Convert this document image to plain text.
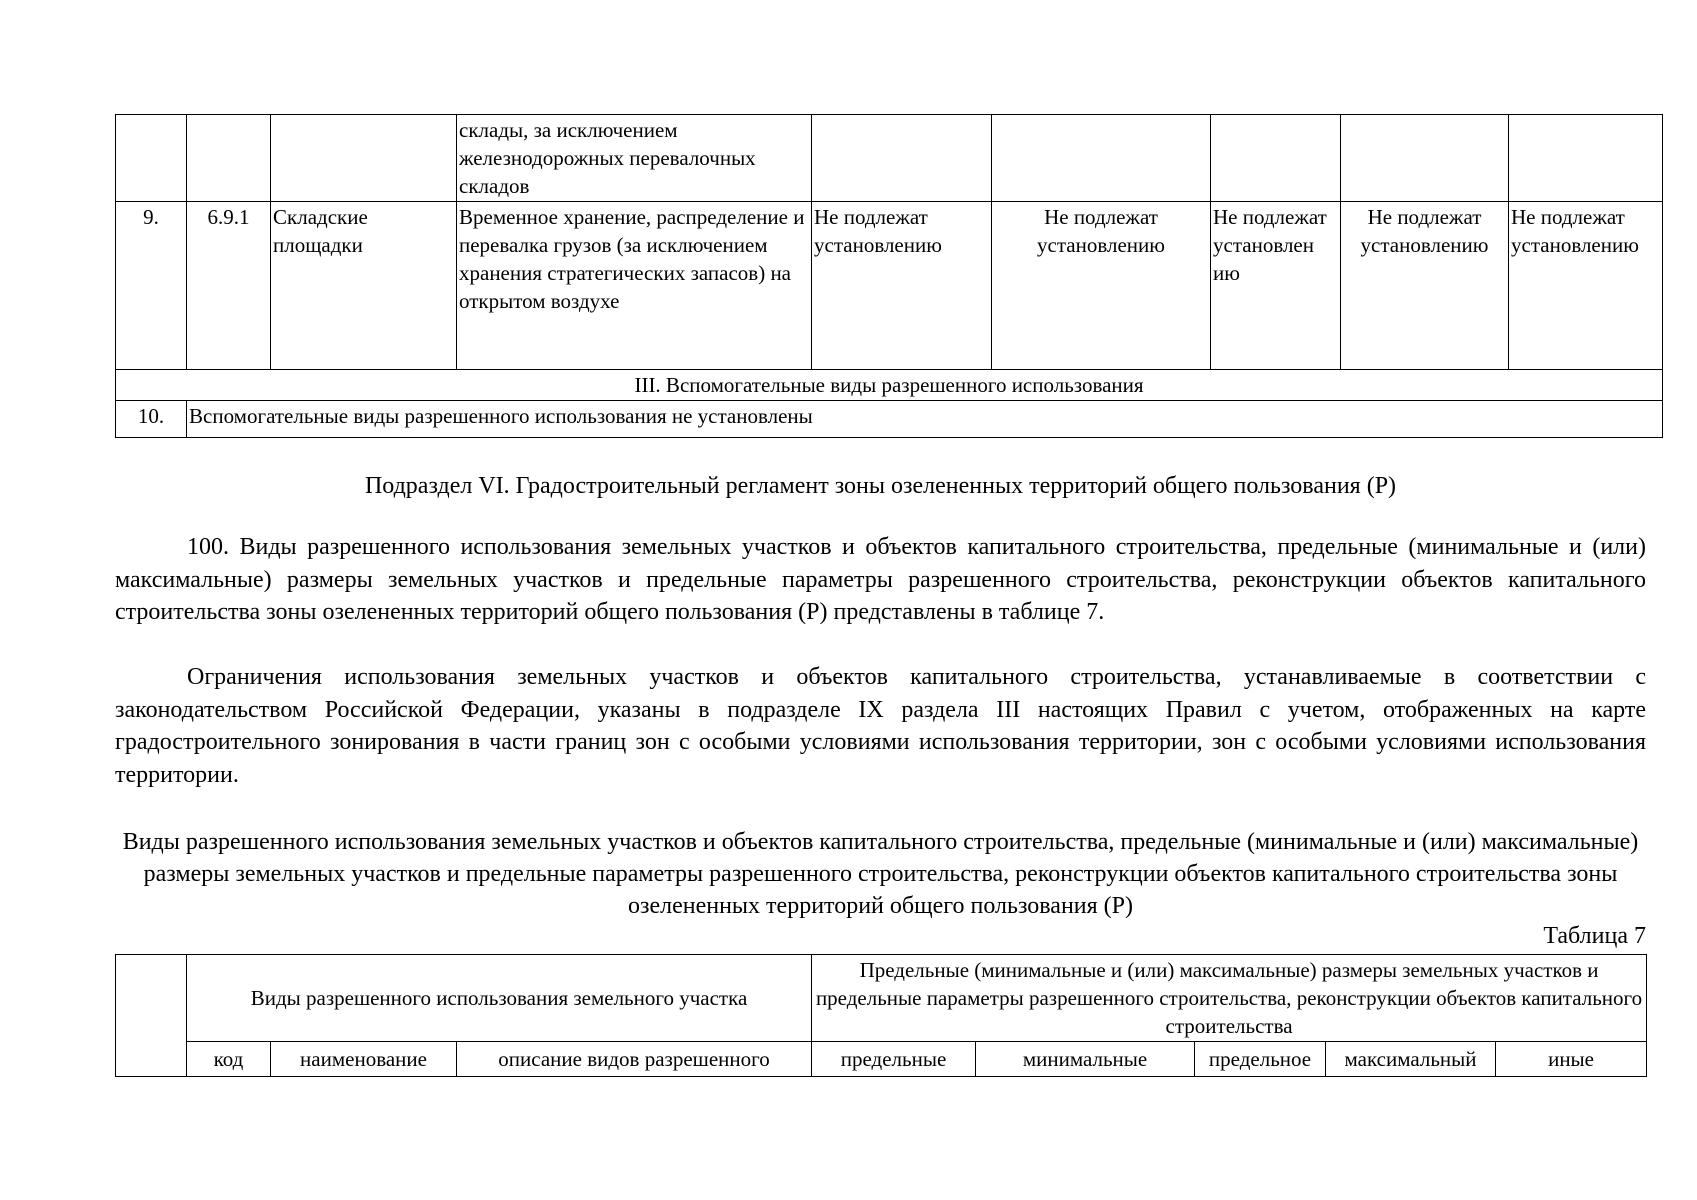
			склады, за исключением железнодорожных перевалочных складов					
9.	6.9.1	Складские площадки	Временное хранение, распределение и перевалка грузов (за исключением хранения стратегических запасов) на открытом воздухе	Не подлежат установлению	Не подлежат установлению	Не подлежат установлен ию	Не подлежат установлению	Не подлежат установлению
III. Вспомогательные виды разрешенного использования								
10.	Вспомогательные виды разрешенного использования не установлены							
Подраздел VI. Градостроительный регламент зоны озелененных территорий общего пользования (Р)
100. Виды разрешенного использования земельных участков и объектов капитального строительства, предельные (минимальные и (или) максимальные) размеры земельных участков и предельные параметры разрешенного строительства, реконструкции объектов капитального строительства зоны озелененных территорий общего пользования (Р) представлены в таблице 7.
Ограничения использования земельных участков и объектов капитального строительства, устанавливаемые в соответствии с законодательством Российской Федерации, указаны в подразделе IX раздела III настоящих Правил с учетом, отображенных на карте градостроительного зонирования в части границ зон с особыми условиями использования территории, зон с особыми условиями использования территории.
Виды разрешенного использования земельных участков и объектов капитального строительства, предельные (минимальные и (или) максимальные) размеры земельных участков и предельные параметры разрешенного строительства, реконструкции объектов капитального строительства зоны озелененных территорий общего пользования (Р)
Таблица 7
	Виды разрешенного использования земельного участка			Предельные (минимальные и (или) максимальные) размеры земельных участков и предельные параметры разрешенного строительства, реконструкции объектов капитального строительства				
	код	наименование	описание видов разрешенного	предельные	минимальные	предельное	максимальный	иные
